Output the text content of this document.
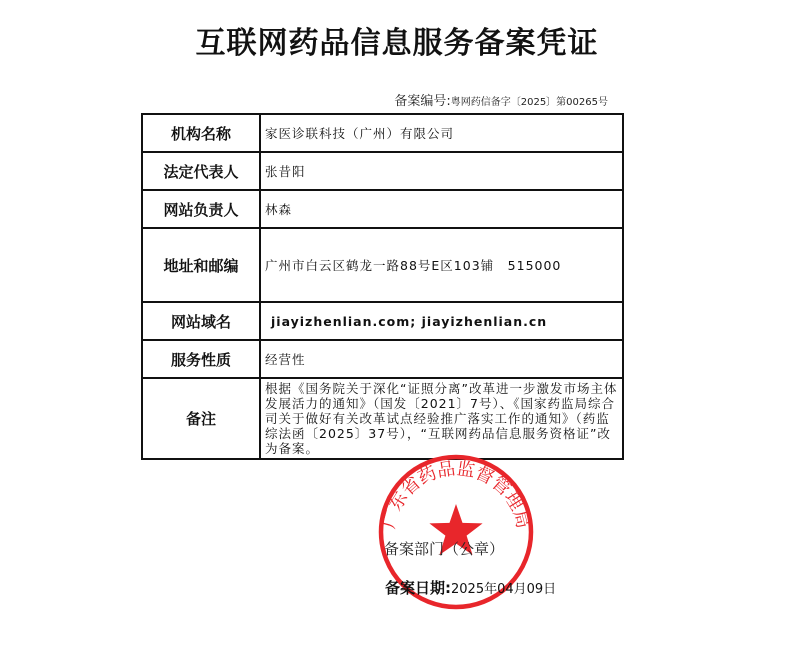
互联网药品信息服务备案凭证
备案编号:粤网药信备字〔2025〕第00265号
机构名称	家医诊联科技（广州）有限公司
法定代表人	张昔阳
网站负责人	林森
地址和邮编	广州市白云区鹤龙一路88号E区103铺　515000
网站域名	jiayizhenlian.com; jiayizhenlian.cn
服务性质	经营性
备注	根据《国务院关于深化“证照分离”改革进一步激发市场主体发展活力的通知》（国发〔2021〕7号）、《国家药监局综合司关于做好有关改革试点经验推广落实工作的通知》（药监综法函〔2025〕37号），“互联网药品信息服务资格证”改为备案。
广东省药品监督管理局
备案部门（公章）
备案日期:2025年04月09日
